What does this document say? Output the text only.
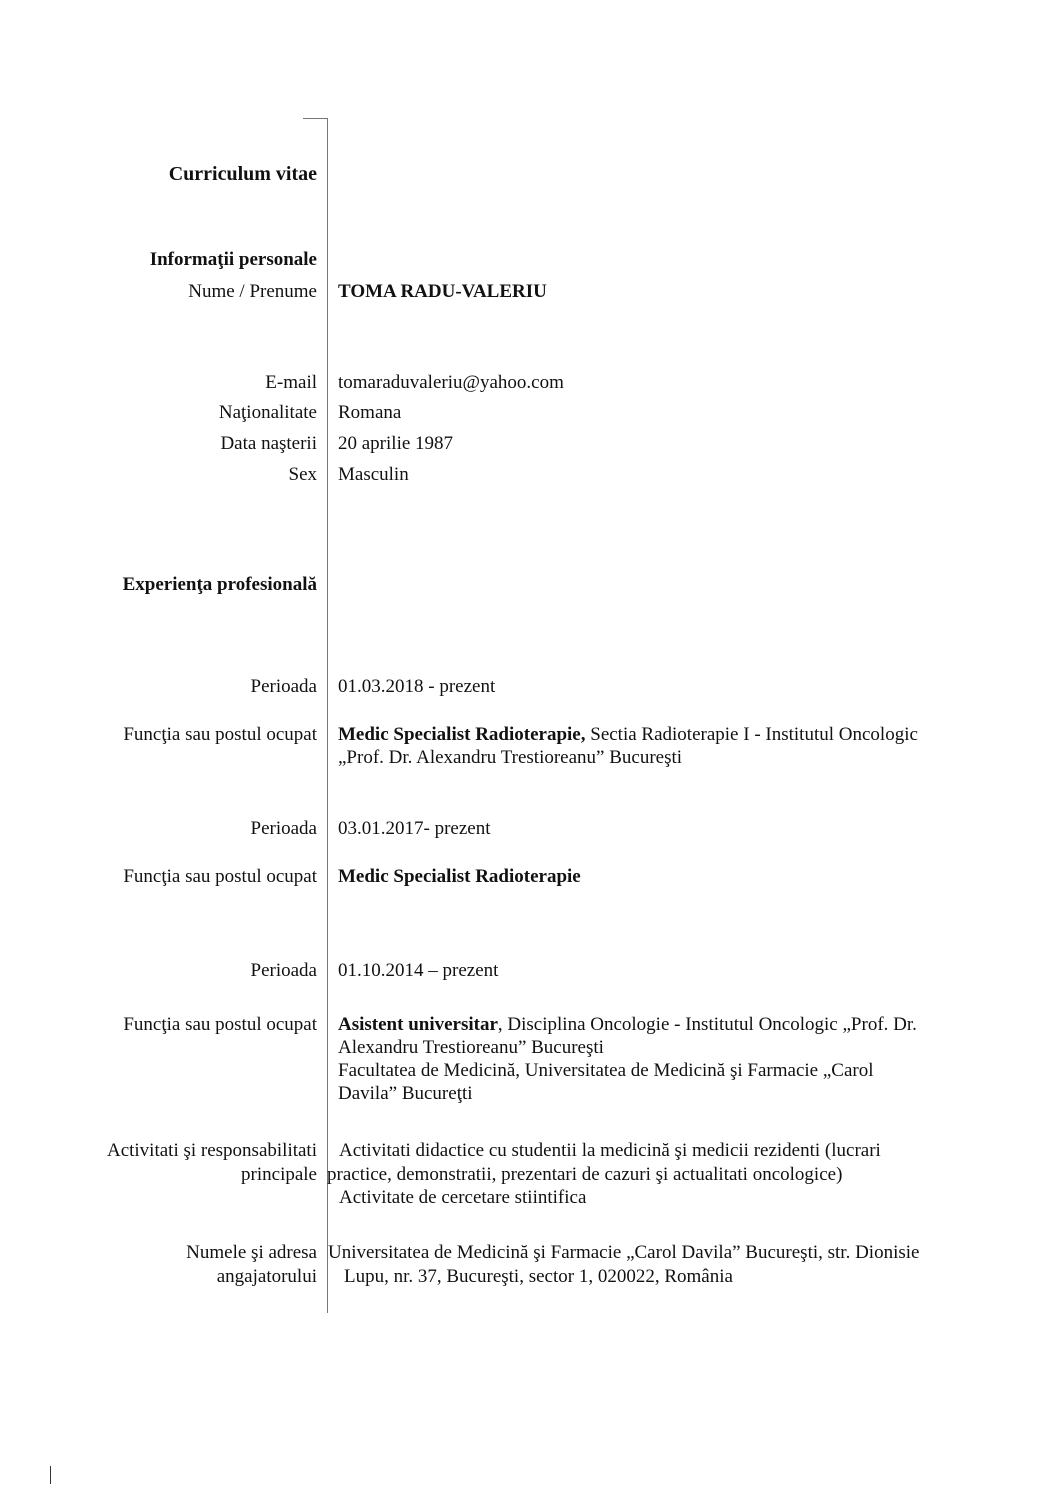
Curriculum vitae
Informaţii personale
Nume / Prenume TOMA RADU-VALERIU
E-mail tomaraduvaleriu@yahoo.com
Naţionalitate Romana
Data naşterii 20 aprilie 1987
Sex Masculin
Experienţa profesională
Perioada 01.03.2018 - prezent
Funcţia sau postul ocupat Medic Specialist Radioterapie, Sectia Radioterapie I - Institutul Oncologic
„Prof. Dr. Alexandru Trestioreanu” Bucureşti
Perioada 03.01.2017- prezent
Funcţia sau postul ocupat Medic Specialist Radioterapie
Perioada 01.10.2014 – prezent
Funcţia sau postul ocupat Asistent universitar, Disciplina Oncologie - Institutul Oncologic „Prof. Dr.
Alexandru Trestioreanu” Bucureşti
Facultatea de Medicină, Universitatea de Medicină şi Farmacie „Carol
Davila” Bucureţti
Activitati şi responsabilitati
principale
Activitati didactice cu studentii la medicină şi medicii rezidenti (lucrari
practice, demonstratii, prezentari de cazuri şi actualitati oncologice)
Activitate de cercetare stiintifica
Numele şi adresa
angajatorului
Universitatea de Medicină şi Farmacie „Carol Davila” Bucureşti, str. Dionisie
Lupu, nr. 37, Bucureşti, sector 1, 020022, România
